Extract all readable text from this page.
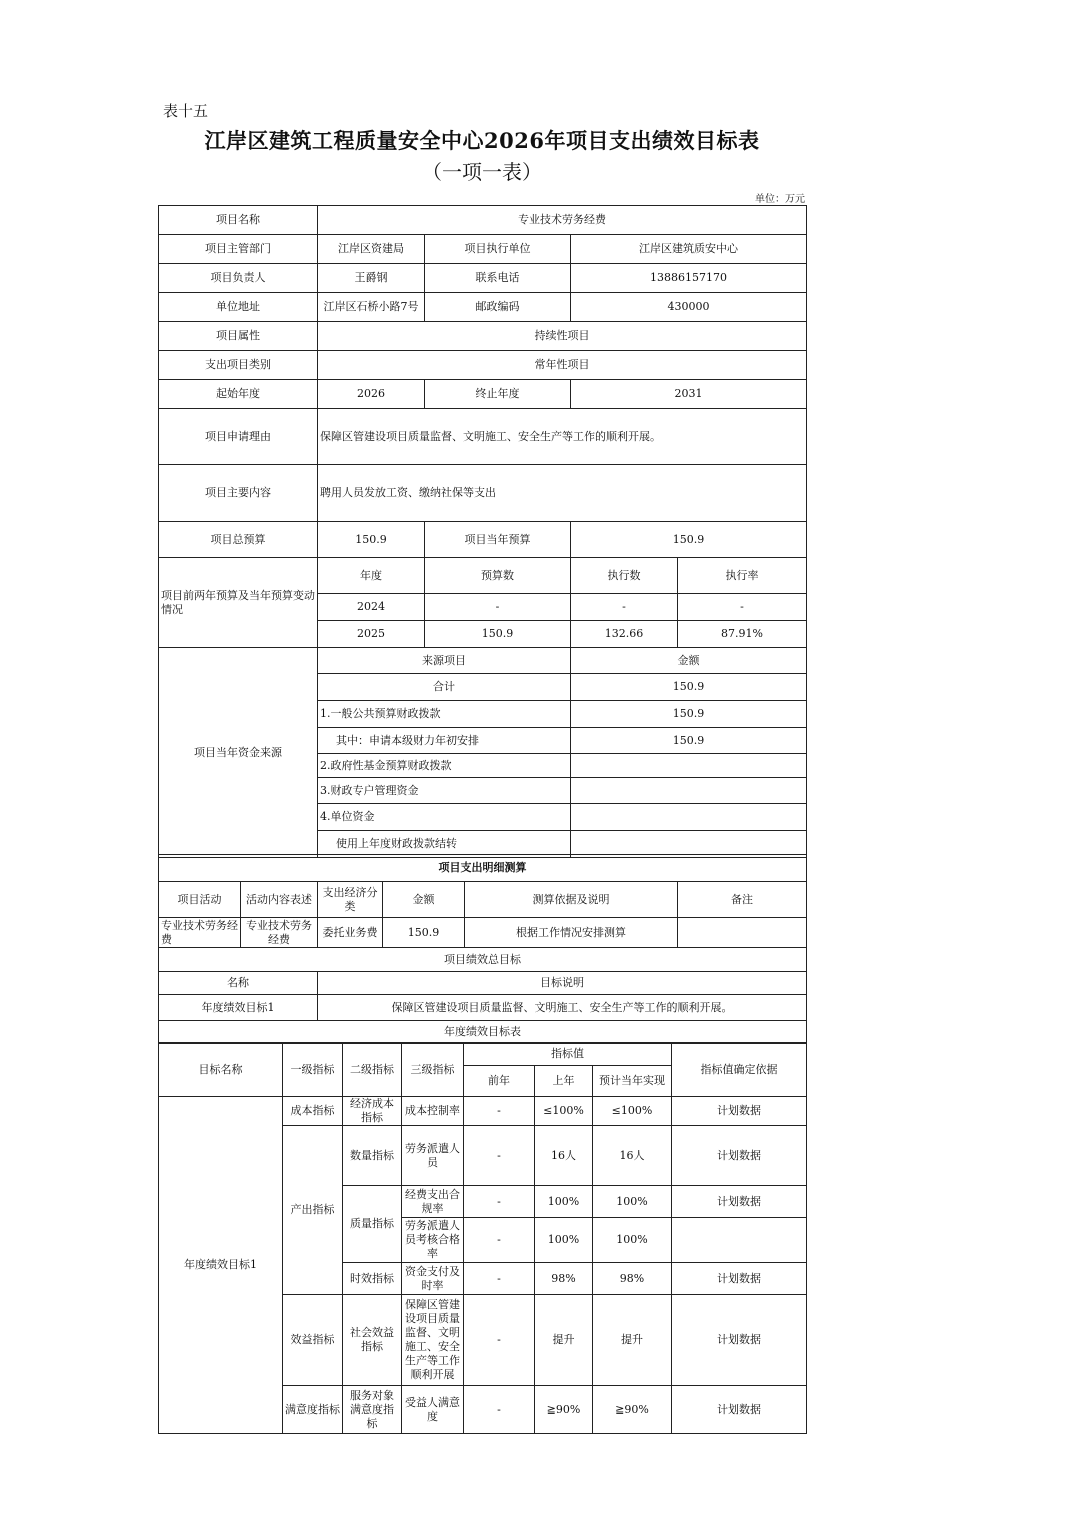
表十五
江岸区建筑工程质量安全中心2026年项目支出绩效目标表
（一项一表）
单位：万元
项目名称	专业技术劳务经费			
项目主管部门	江岸区资建局	项目执行单位	江岸区建筑质安中心	
项目负责人	王爵钢	联系电话	13886157170	
单位地址	江岸区石桥小路7号	邮政编码	430000	
项目属性	持续性项目			
支出项目类别	常年性项目			
起始年度	2026	终止年度	2031	
项目申请理由	保障区管建设项目质量监督、文明施工、安全生产等工作的顺利开展。			
项目主要内容	聘用人员发放工资、缴纳社保等支出			
项目总预算	150.9	项目当年预算	150.9	
项目前两年预算及当年预算变动情况	年度	预算数	执行数	执行率
	2024	-	-	-
	2025	150.9	132.66	87.91%
项目当年资金来源	来源项目		金额	
	合计		150.9	
	1.一般公共预算财政拨款		150.9	
	其中：申请本级财力年初安排		150.9	
	2.政府性基金预算财政拨款			
	3.财政专户管理资金			
	4.单位资金			
	使用上年度财政拨款结转			
项目支出明细测算					
项目活动	活动内容表述	支出经济分类	金额	测算依据及说明	备注
专业技术劳务经费	专业技术劳务经费	委托业务费	150.9	根据工作情况安排测算	
项目绩效总目标					
名称		目标说明			
年度绩效目标1		保障区管建设项目质量监督、文明施工、安全生产等工作的顺利开展。			
年度绩效目标表					
目标名称	一级指标	二级指标	三级指标	指标值			指标值确定依据
				前年	上年	预计当年实现	
年度绩效目标1	成本指标	经济成本指标	成本控制率	-	≤100%	≤100%	计划数据
	产出指标	数量指标	劳务派遣人员	-	16人	16人	计划数据
		质量指标	经费支出合规率	-	100%	100%	计划数据
			劳务派遣人员考核合格率	-	100%	100%	
		时效指标	资金支付及时率	-	98%	98%	计划数据
	效益指标	社会效益指标	保障区管建设项目质量监督、文明施工、安全生产等工作顺利开展	-	提升	提升	计划数据
	满意度指标	服务对象满意度指标	受益人满意度	-	≧90%	≧90%	计划数据
